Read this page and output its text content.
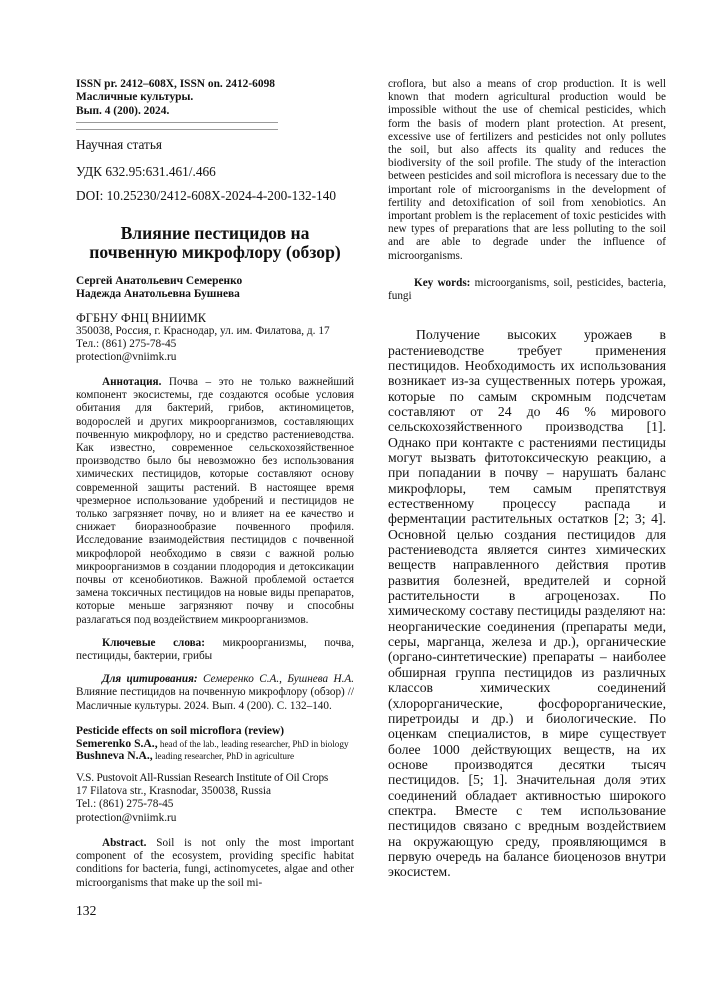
ISSN pr. 2412–608X, ISSN on. 2412-6098

Масличные культуры.

Вып. 4 (200). 2024.

Научная статья

УДК 632.95:631.461/.466

DOI: 10.25230/2412-608X-2024-4-200-132-140

Влияние пестицидов на
почвенную микрофлору (обзор)
Сергей Анатольевич Семеренко
Надежда Анатольевна Бушнева
ФГБНУ ФНЦ ВНИИМК
350038, Россия, г. Краснодар, ул. им. Филатова, д. 17
Тел.: (861) 275-78-45
protection@vniimk.ru

Аннотация. Почва – это не только важнейший компонент экосистемы, где создаются особые условия обитания для бактерий, грибов, актиномицетов, водорослей и других микроорганизмов, составляющих почвенную микрофлору, но и средство растениеводства. Как известно, современное сельскохозяйственное производство было бы невозможно без использования химических пестицидов, которые составляют основу современной защиты растений. В настоящее время чрезмерное использование удобрений и пестицидов не только загрязняет почву, но и влияет на ее качество и снижает биоразнообразие почвенного профиля. Исследование взаимодействия пестицидов с почвенной микрофлорой необходимо в связи с важной ролью микроорганизмов в создании плодородия и детоксикации почвы от ксенобиотиков. Важной проблемой остается замена токсичных пестицидов на новые виды препаратов, которые меньше загрязняют почву и способны разлагаться под воздействием микроорганизмов.

Ключевые слова: микроорганизмы, почва, пестициды, бактерии, грибы

Для цитирования: Семеренко С.А., Бушнева Н.А. Влияние пестицидов на почвенную микрофлору (обзор) // Масличные культуры. 2024. Вып. 4 (200). С. 132–140.

Pesticide effects on soil microflora (review)

Semerenko S.A., head of the lab., leading researcher, PhD in biology
Bushneva N.A., leading researcher, PhD in agriculture
V.S. Pustovoit All-Russian Research Institute of Oil Crops
17 Filatova str., Krasnodar, 350038, Russia
Tel.: (861) 275-78-45
protection@vniimk.ru

Abstract. Soil is not only the most important component of the ecosystem, providing specific habitat conditions for bacteria, fungi, actinomycetes, algae and other microorganisms that make up the soil mi-

132

croflora, but also a means of crop production. It is well known that modern agricultural production would be impossible without the use of chemical pesticides, which form the basis of modern plant protection. At present, excessive use of fertilizers and pesticides not only pollutes the soil, but also affects its quality and reduces the biodiversity of the soil profile. The study of the interaction between pesticides and soil microflora is necessary due to the important role of microorganisms in the development of fertility and detoxification of soil from xenobiotics. An important problem is the replacement of toxic pesticides with new types of preparations that are less polluting to the soil and are able to degrade under the influence of microorganisms.

Key words: microorganisms, soil, pesticides, bacteria, fungi

Получение высоких урожаев в растениеводстве требует применения пестицидов. Необходимость их использования возникает из-за существенных потерь урожая, которые по самым скромным подсчетам составляют от 24 до 46 % мирового сельскохозяйственного производства [1]. Однако при контакте с растениями пестициды могут вызвать фитотоксическую реакцию, а при попадании в почву – нарушать баланс микрофлоры, тем самым препятствуя естественному процессу распада и ферментации растительных остатков [2; 3; 4]. Основной целью создания пестицидов для растениеводста является синтез химических веществ направленного действия против развития болезней, вредителей и сорной растительности в агроценозах. По химическому составу пестициды разделяют на: неорганические соединения (препараты меди, серы, марганца, железа и др.), органические (органо-синтетические) препараты – наиболее обширная группа пестицидов из различных классов химических соединений (хлорорганические, фосфорорганические, пиретроиды и др.) и биологические. По оценкам специалистов, в мире существует более 1000 действующих веществ, на их основе производятся десятки тысяч пестицидов. [5; 1]. Значительная доля этих соединений обладает активностью широкого спектра. Вместе с тем использование пестицидов связано с вредным воздействием на окружающую среду, проявляющимся в первую очередь на балансе биоценозов внутри экосистем.
